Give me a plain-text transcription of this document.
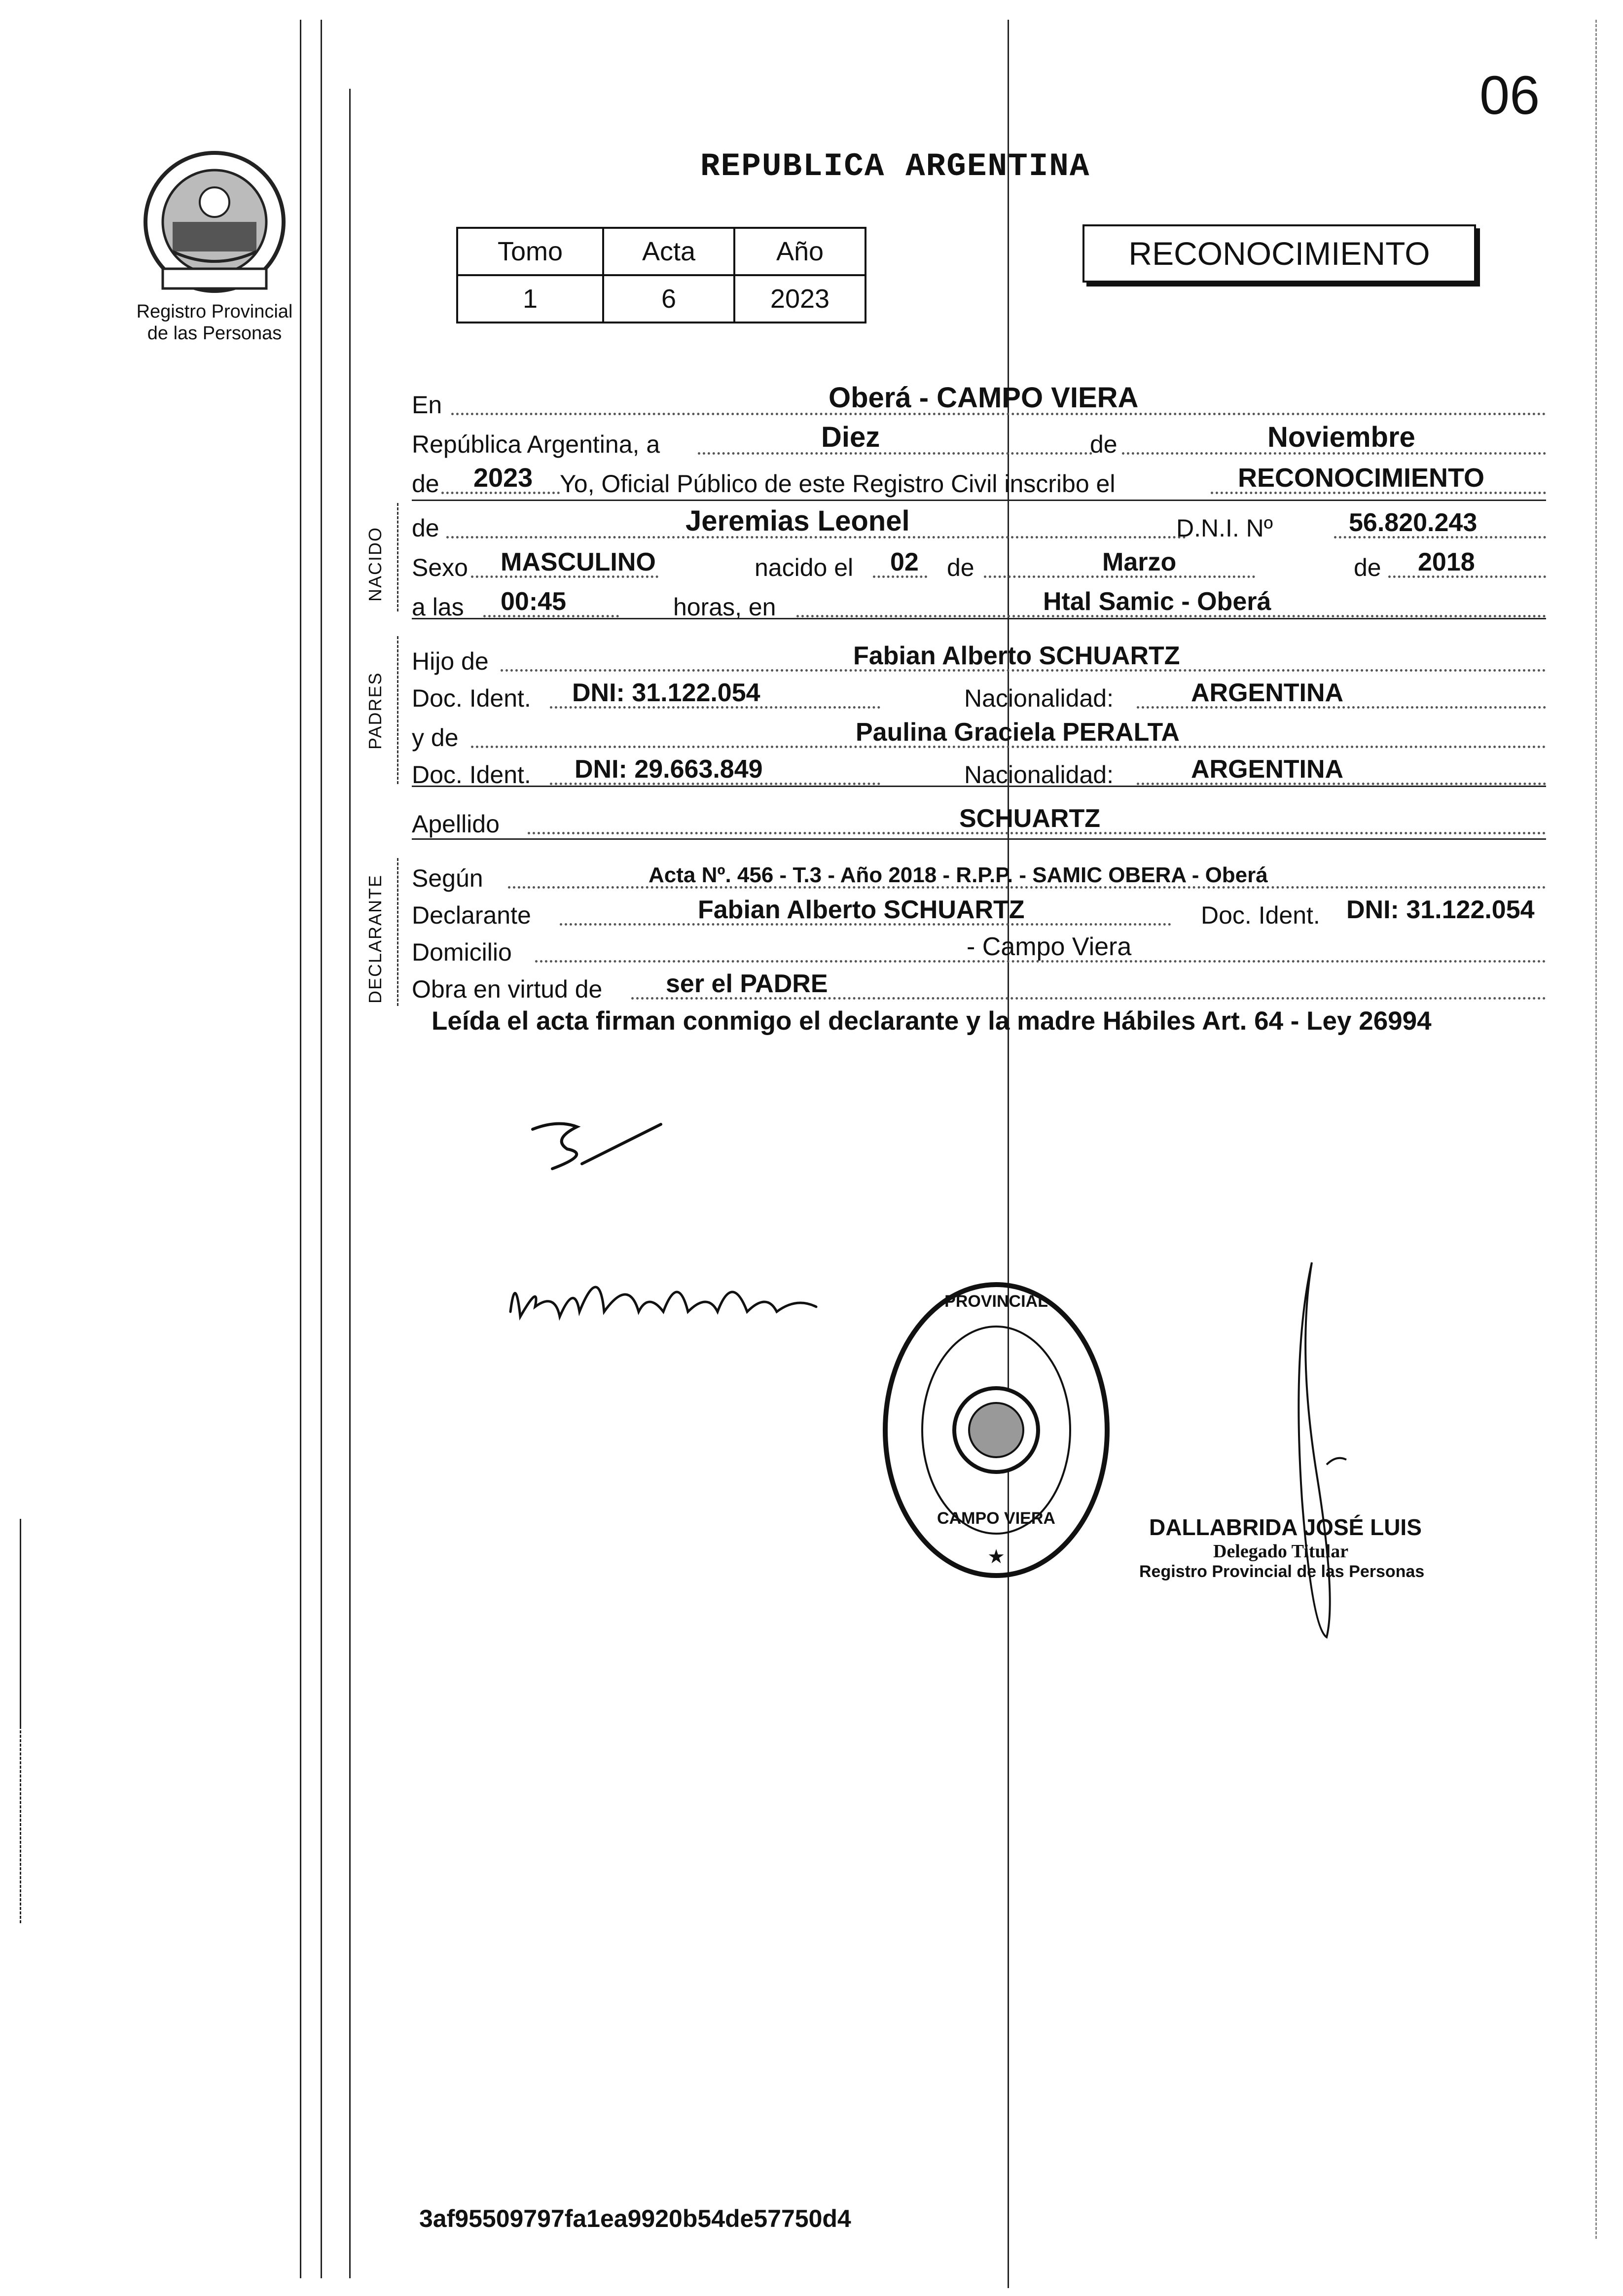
Registro Provincial
de las Personas
06
REPUBLICA ARGENTINA
Tomo	Acta	Año
1	6	2023
RECONOCIMIENTO
En	Oberá - CAMPO VIERA
República Argentina, a	Diez	de	Noviembre
de 2023 Yo, Oficial Público de este Registro Civil inscribo el	RECONOCIMIENTO
NACIDO de	Jeremias Leonel	D.N.I. Nº	56.820.243
Sexo MASCULINO	nacido el 02 de	Marzo	de 2018
a las 00:45	horas, en	Htal Samic - Oberá
PADRES
Hijo de	Fabian Alberto SCHUARTZ
Doc. Ident. DNI: 31.122.054	Nacionalidad:	ARGENTINA
y de	Paulina Graciela PERALTA
Doc. Ident. DNI: 29.663.849	Nacionalidad:	ARGENTINA
Apellido	SCHUARTZ
DECLARANTE Según	Acta Nº. 456 - T.3 - Año 2018 - R.P.P. - SAMIC OBERA - Oberá
Declarante	Fabian Alberto SCHUARTZ	Doc. Ident. DNI: 31.122.054
Domicilio	- Campo Viera
Obra en virtud de ser el PADRE
Leída el acta firman conmigo el declarante y la madre Hábiles Art. 64 - Ley 26994
PROVINCIAL
CAMPO VIERA
★
DALLABRIDA JOSÉ LUIS
Delegado Titular
Registro Provincial de las Personas
3af95509797fa1ea9920b54de57750d4
